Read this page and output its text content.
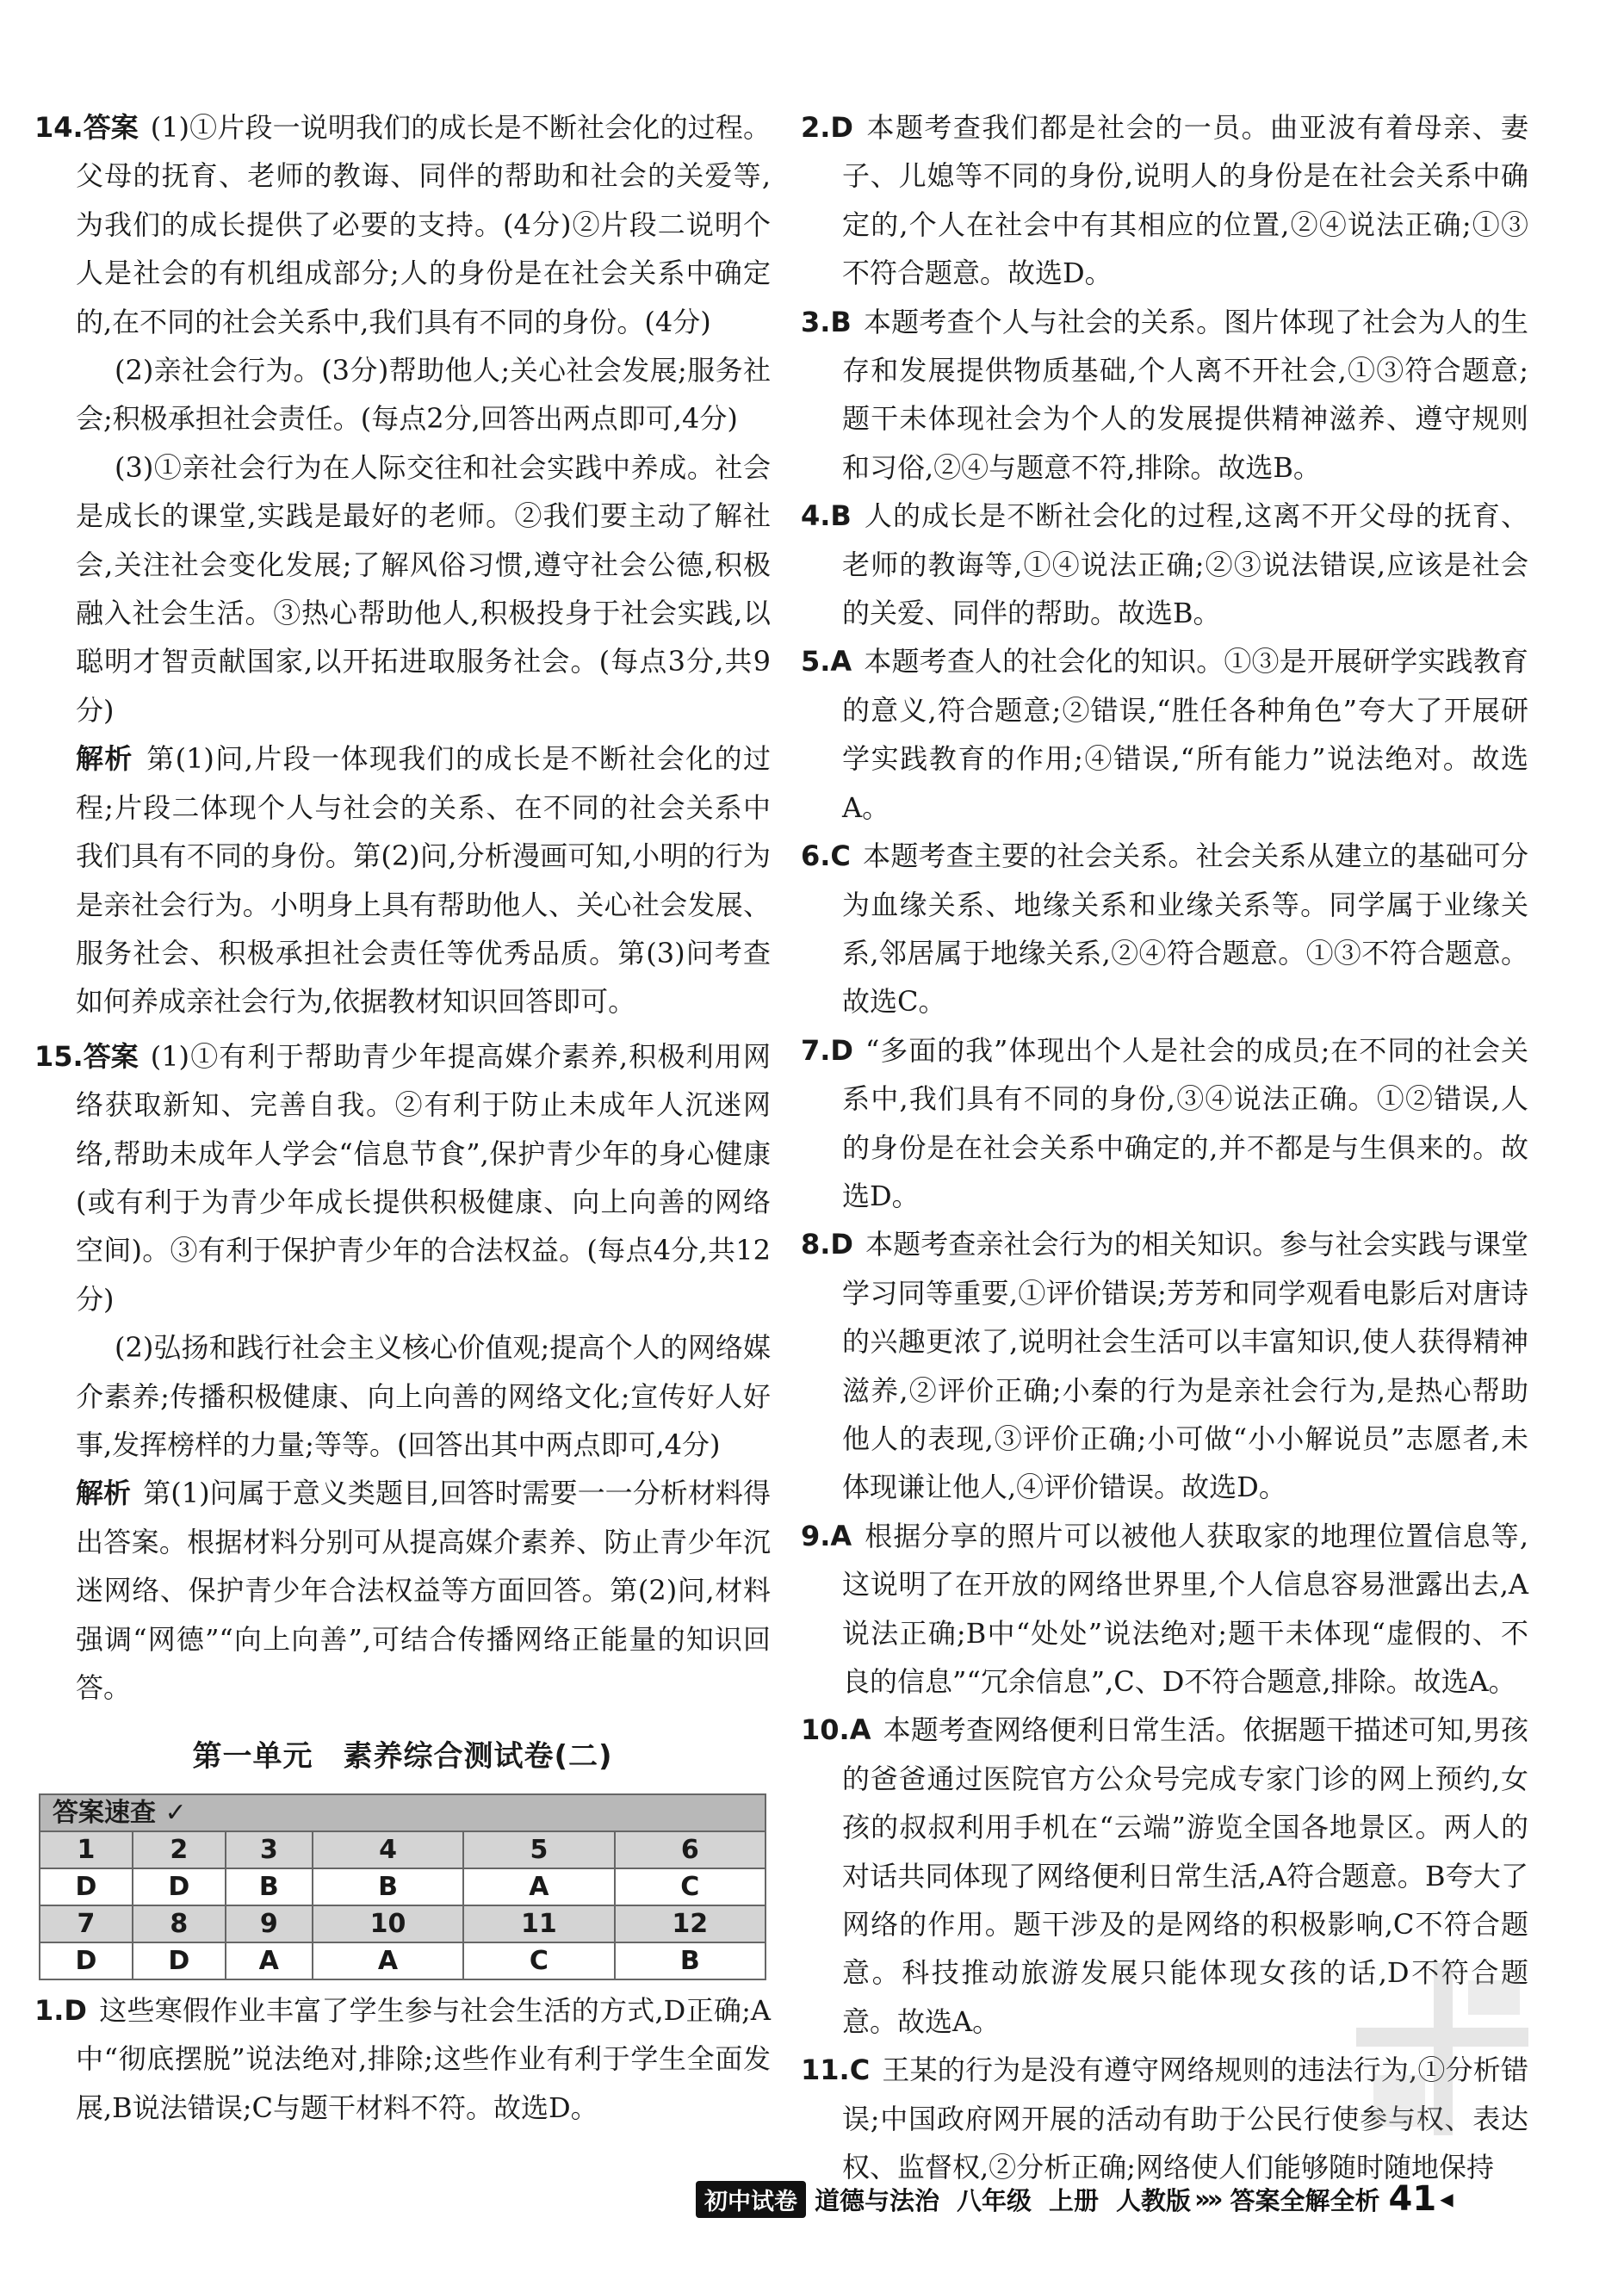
14.答案 (1)①片段一说明我们的成长是不断社会化的过程。父母的抚育、老师的教诲、同伴的帮助和社会的关爱等,为我们的成长提供了必要的支持。(4分)②片段二说明个人是社会的有机组成部分;人的身份是在社会关系中确定的,在不同的社会关系中,我们具有不同的身份。(4分)

(2)亲社会行为。(3分)帮助他人;关心社会发展;服务社会;积极承担社会责任。(每点2分,回答出两点即可,4分)

(3)①亲社会行为在人际交往和社会实践中养成。社会是成长的课堂,实践是最好的老师。②我们要主动了解社会,关注社会变化发展;了解风俗习惯,遵守社会公德,积极融入社会生活。③热心帮助他人,积极投身于社会实践,以聪明才智贡献国家,以开拓进取服务社会。(每点3分,共9分)

解析 第(1)问,片段一体现我们的成长是不断社会化的过程;片段二体现个人与社会的关系、在不同的社会关系中我们具有不同的身份。第(2)问,分析漫画可知,小明的行为是亲社会行为。小明身上具有帮助他人、关心社会发展、服务社会、积极承担社会责任等优秀品质。第(3)问考查如何养成亲社会行为,依据教材知识回答即可。

15.答案 (1)①有利于帮助青少年提高媒介素养,积极利用网络获取新知、完善自我。②有利于防止未成年人沉迷网络,帮助未成年人学会“信息节食”,保护青少年的身心健康(或有利于为青少年成长提供积极健康、向上向善的网络空间)。③有利于保护青少年的合法权益。(每点4分,共12分)

(2)弘扬和践行社会主义核心价值观;提高个人的网络媒介素养;传播积极健康、向上向善的网络文化;宣传好人好事,发挥榜样的力量;等等。(回答出其中两点即可,4分)

解析 第(1)问属于意义类题目,回答时需要一一分析材料得出答案。根据材料分别可从提高媒介素养、防止青少年沉迷网络、保护青少年合法权益等方面回答。第(2)问,材料强调“网德”“向上向善”,可结合传播网络正能量的知识回答。

第一单元　素养综合测试卷(二)
答案速查 ✓					
1	2	3	4	5	6
D	D	B	B	A	C
7	8	9	10	11	12
D	D	A	A	C	B

1.D 这些寒假作业丰富了学生参与社会生活的方式,D正确;A中“彻底摆脱”说法绝对,排除;这些作业有利于学生全面发展,B说法错误;C与题干材料不符。故选D。

2.D 本题考查我们都是社会的一员。曲亚波有着母亲、妻子、儿媳等不同的身份,说明人的身份是在社会关系中确定的,个人在社会中有其相应的位置,②④说法正确;①③不符合题意。故选D。

3.B 本题考查个人与社会的关系。图片体现了社会为人的生存和发展提供物质基础,个人离不开社会,①③符合题意;题干未体现社会为个人的发展提供精神滋养、遵守规则和习俗,②④与题意不符,排除。故选B。

4.B 人的成长是不断社会化的过程,这离不开父母的抚育、老师的教诲等,①④说法正确;②③说法错误,应该是社会的关爱、同伴的帮助。故选B。

5.A 本题考查人的社会化的知识。①③是开展研学实践教育的意义,符合题意;②错误,“胜任各种角色”夸大了开展研学实践教育的作用;④错误,“所有能力”说法绝对。故选A。

6.C 本题考查主要的社会关系。社会关系从建立的基础可分为血缘关系、地缘关系和业缘关系等。同学属于业缘关系,邻居属于地缘关系,②④符合题意。①③不符合题意。故选C。

7.D “多面的我”体现出个人是社会的成员;在不同的社会关系中,我们具有不同的身份,③④说法正确。①②错误,人的身份是在社会关系中确定的,并不都是与生俱来的。故选D。

8.D 本题考查亲社会行为的相关知识。参与社会实践与课堂学习同等重要,①评价错误;芳芳和同学观看电影后对唐诗的兴趣更浓了,说明社会生活可以丰富知识,使人获得精神滋养,②评价正确;小秦的行为是亲社会行为,是热心帮助他人的表现,③评价正确;小可做“小小解说员”志愿者,未体现谦让他人,④评价错误。故选D。

9.A 根据分享的照片可以被他人获取家的地理位置信息等,这说明了在开放的网络世界里,个人信息容易泄露出去,A说法正确;B中“处处”说法绝对;题干未体现“虚假的、不良的信息”“冗余信息”,C、D不符合题意,排除。故选A。

10.A 本题考查网络便利日常生活。依据题干描述可知,男孩的爸爸通过医院官方公众号完成专家门诊的网上预约,女孩的叔叔利用手机在“云端”游览全国各地景区。两人的对话共同体现了网络便利日常生活,A符合题意。B夸大了网络的作用。题干涉及的是网络的积极影响,C不符合题意。科技推动旅游发展只能体现女孩的话,D不符合题意。故选A。

11.C 王某的行为是没有遵守网络规则的违法行为,①分析错误;中国政府网开展的活动有助于公民行使参与权、表达权、监督权,②分析正确;网络使人们能够随时随地保持

初中试卷 道德与法治 八年级 上册 人教版 »» 答案全解全析 41 ◀
